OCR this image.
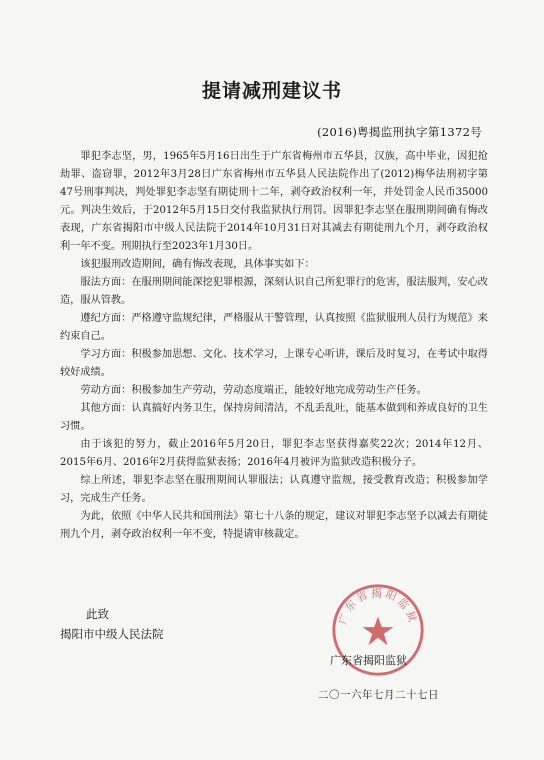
提请减刑建议书
(2016)粤揭监刑执字第1372号

罪犯李志坚，男，1965年5月16日出生于广东省梅州市五华县，汉族，高中毕业，因犯抢劫罪、盗窃罪，2012年3月28日广东省梅州市五华县人民法院作出了(2012)梅华法刑初字第47号刑事判决，判处罪犯李志坚有期徒刑十二年，剥夺政治权利一年，并处罚金人民币35000元。判决生效后，于2012年5月15日交付我监狱执行刑罚。因罪犯李志坚在服刑期间确有悔改表现，广东省揭阳市中级人民法院于2014年10月31日对其减去有期徒刑九个月，剥夺政治权利一年不变。刑期执行至2023年1月30日。

该犯服刑改造期间，确有悔改表现，具体事实如下：

服法方面：在服刑期间能深挖犯罪根源，深刻认识自己所犯罪行的危害，服法服判，安心改造，服从管教。

遵纪方面：严格遵守监规纪律，严格服从干警管理，认真按照《监狱服刑人员行为规范》来约束自己。

学习方面：积极参加思想、文化、技术学习，上课专心听讲，课后及时复习，在考试中取得较好成绩。

劳动方面：积极参加生产劳动，劳动态度端正，能较好地完成劳动生产任务。

其他方面：认真搞好内务卫生，保持房间清洁，不乱丢乱吐，能基本做到和养成良好的卫生习惯。

由于该犯的努力，截止2016年5月20日，罪犯李志坚获得嘉奖22次；2014年12月、2015年6月、2016年2月获得监狱表扬；2016年4月被评为监狱改造积极分子。

综上所述，罪犯李志坚在服刑期间认罪服法；认真遵守监规，接受教育改造；积极参加学习，完成生产任务。

为此，依照《中华人民共和国刑法》第七十八条的规定，建议对罪犯李志坚予以减去有期徒刑九个月，剥夺政治权利一年不变，特提请审核裁定。

此致
揭阳市中级人民法院
广东省揭阳监狱
广东省揭阳监狱
二〇一六年七月二十七日
